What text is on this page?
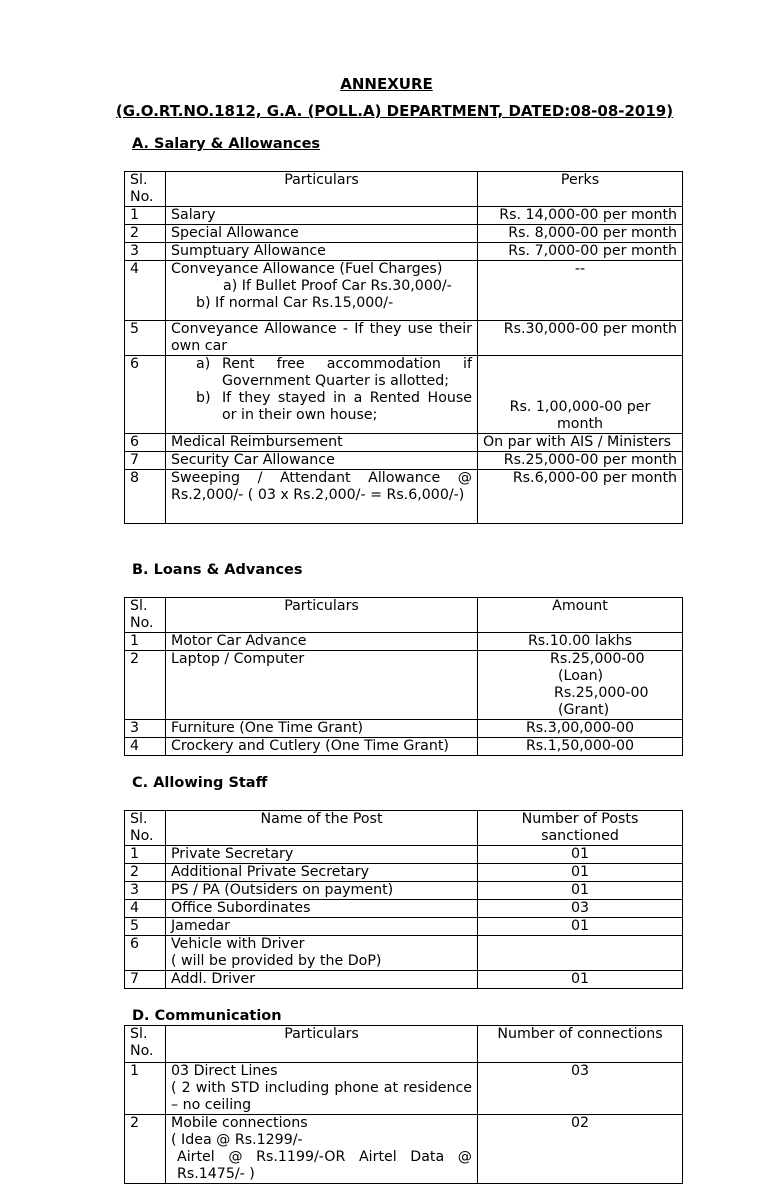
ANNEXURE

(G.O.RT.NO.1812, G.A. (POLL.A) DEPARTMENT, DATED:08-08-2019)

A. Salary & Allowances

Sl. No.	Particulars	Perks
1	Salary	Rs. 14,000-00 per month
2	Special Allowance	Rs. 8,000-00 per month
3	Sumptuary Allowance	Rs. 7,000-00 per month
4	Conveyance Allowance (Fuel Charges)
a) If Bullet Proof Car Rs.30,000/-
b) If normal Car Rs.15,000/-	--
5	Conveyance Allowance - If they use their own car	Rs.30,000-00 per month
6	a) Rent free accommodation if Government Quarter is allotted;
b) If they stayed in a Rented House or in their own house;	Rs. 1,00,000-00 per month
6	Medical Reimbursement	On par with AIS / Ministers
7	Security Car Allowance	Rs.25,000-00 per month
8	Sweeping / Attendant Allowance @ Rs.2,000/- ( 03 x Rs.2,000/- = Rs.6,000/-)	Rs.6,000-00 per month

B. Loans & Advances

Sl. No.	Particulars	Amount
1	Motor Car Advance	Rs.10.00 lakhs
2	Laptop / Computer	Rs.25,000-00
(Loan)
Rs.25,000-00
(Grant)

3	Furniture (One Time Grant)	Rs.3,00,000-00
4	Crockery and Cutlery (One Time Grant)	Rs.1,50,000-00

C. Allowing Staff

Sl. No.	Name of the Post	Number of Posts sanctioned
1	Private Secretary	01
2	Additional Private Secretary	01
3	PS / PA (Outsiders on payment)	01
4	Office Subordinates	03
5	Jamedar	01
6	Vehicle with Driver
( will be provided by the DoP)	

7	Addl. Driver	01

D. Communication

Sl. No.	Particulars	Number of connections
1	03 Direct Lines
( 2 with STD including phone at residence – no ceiling	03
2	Mobile connections
( Idea @ Rs.1299/-
Airtel @ Rs.1199/-OR Airtel Data @ Rs.1475/- )	02
